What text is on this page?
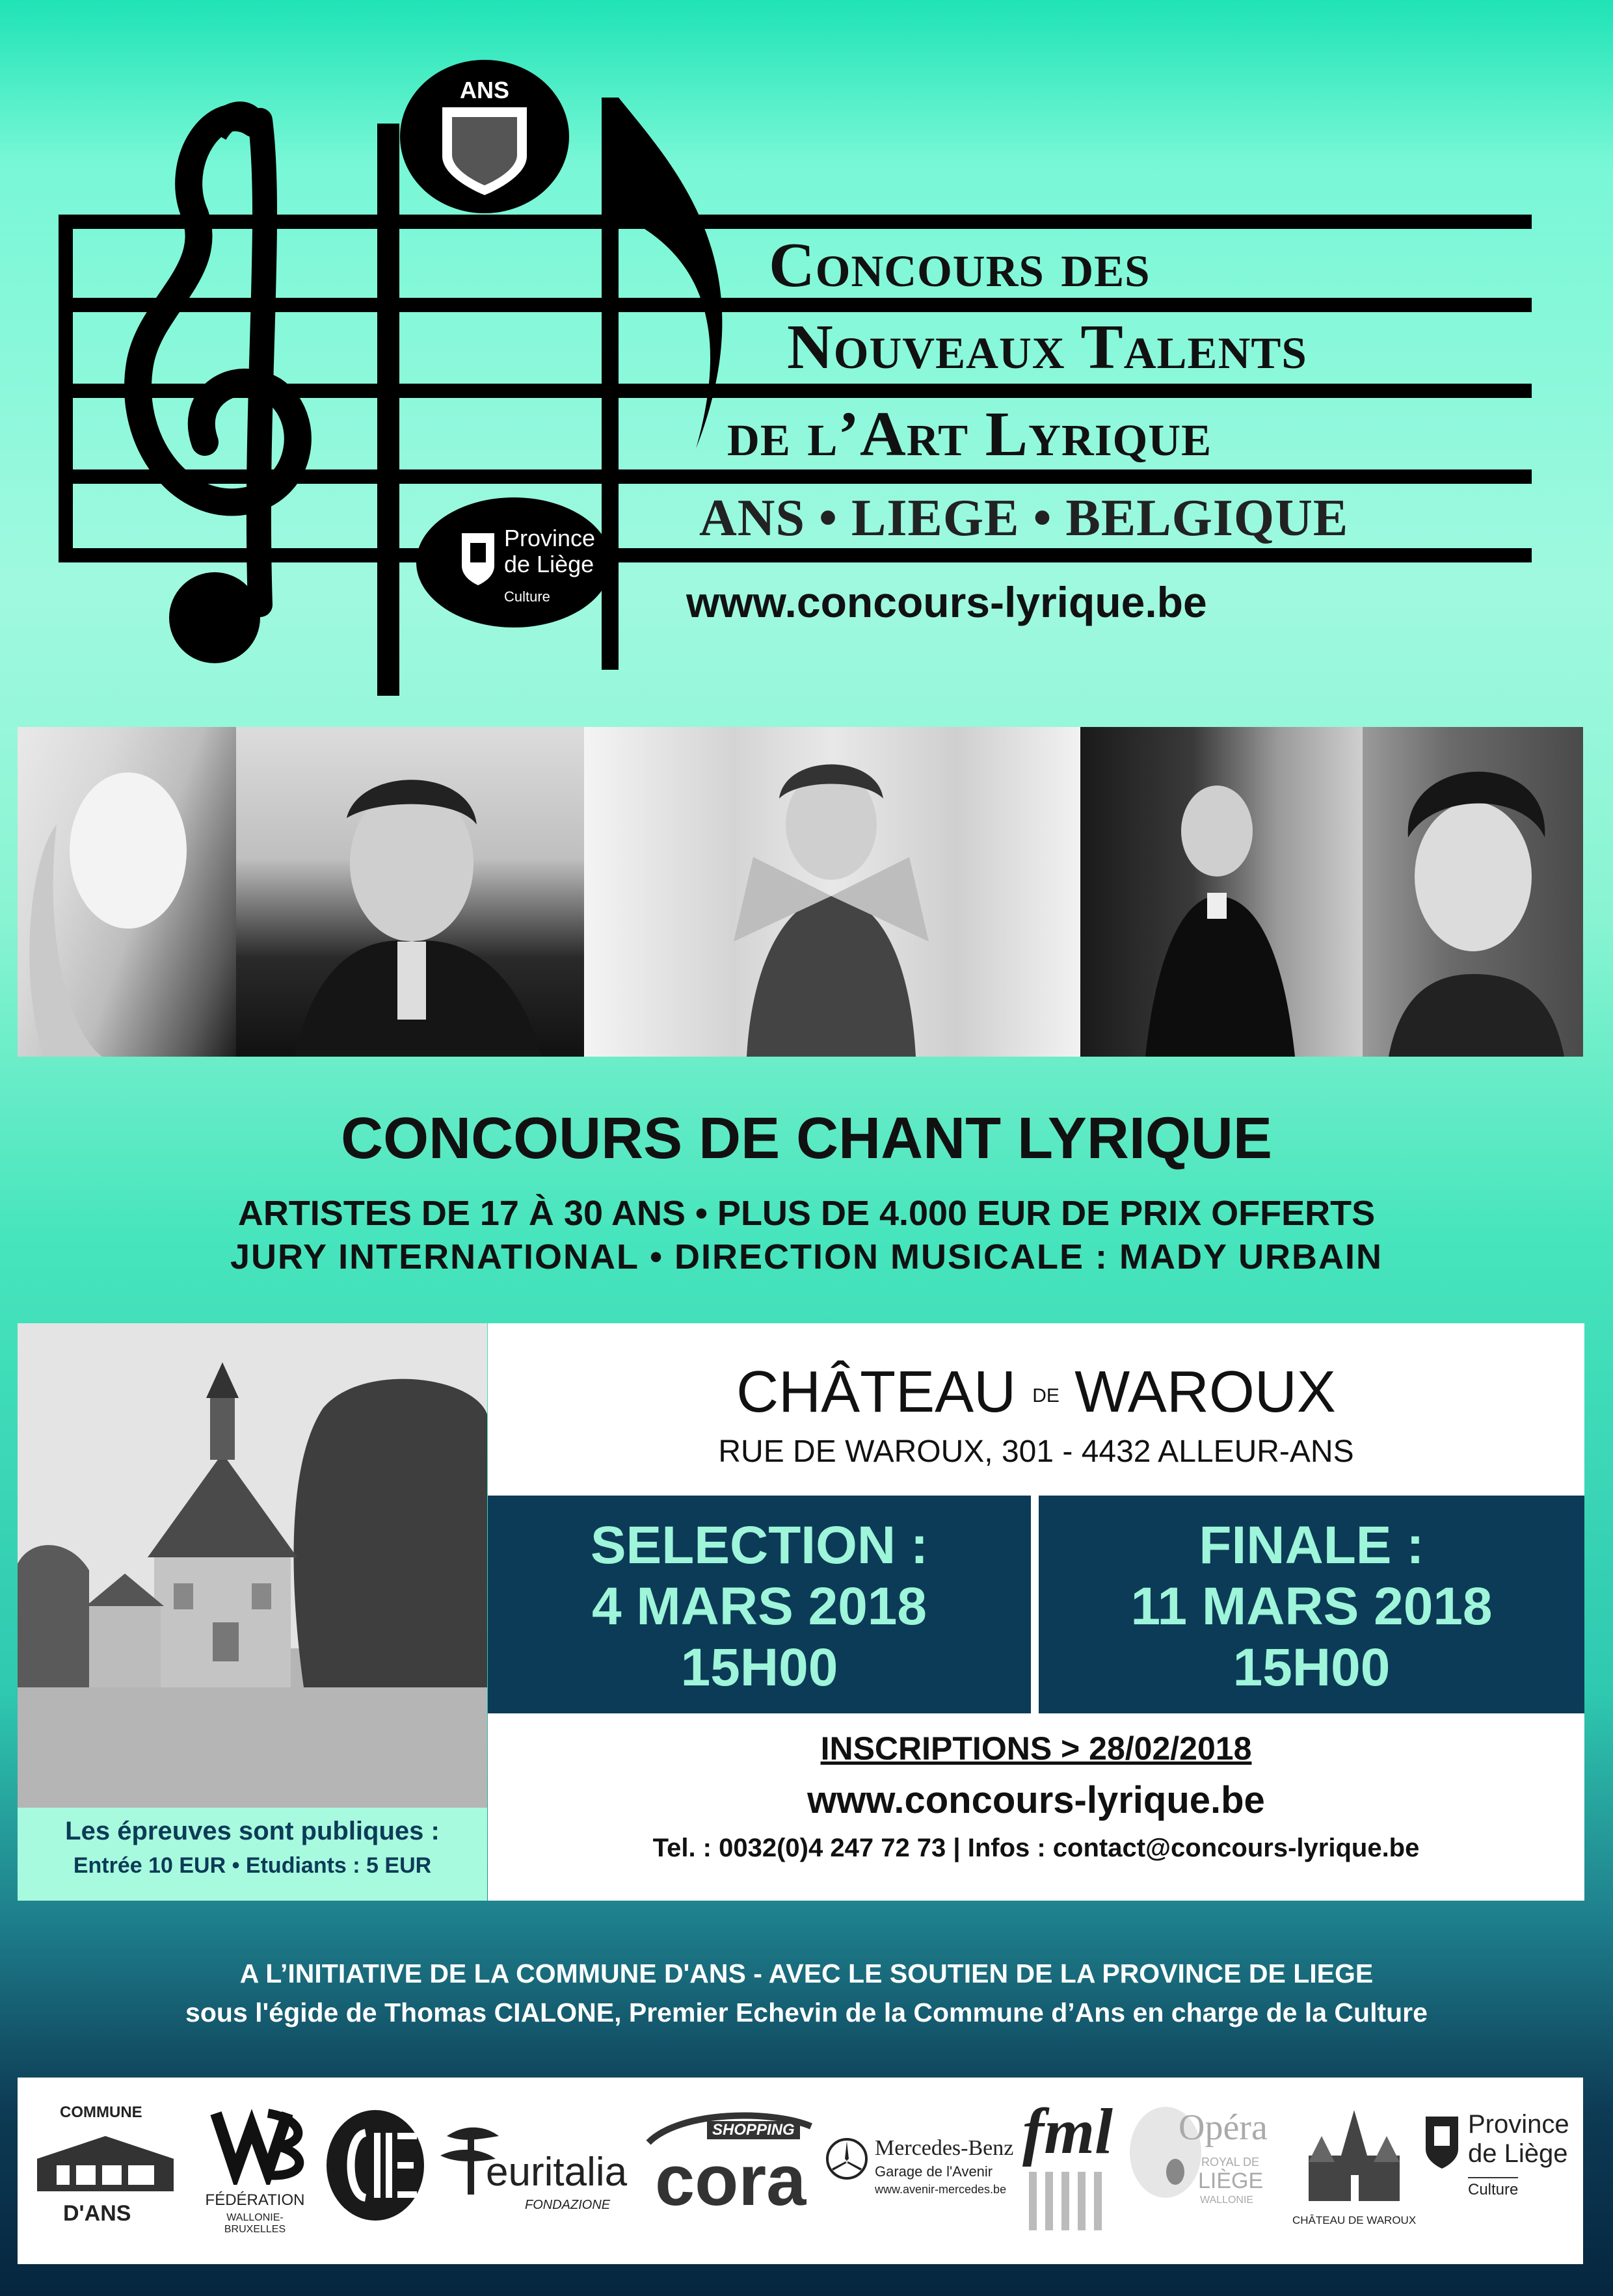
ANS
Concours des
Nouveaux Talents
de l’Art Lyrique
ANS • LIEGE • BELGIQUE
Province
de Liège
Culture	www.concours-lyrique.be
CONCOURS DE CHANT LYRIQUE
ARTISTES DE 17 À 30 ANS • PLUS DE 4.000 EUR DE PRIX OFFERTS
JURY INTERNATIONAL • DIRECTION MUSICALE : MADY URBAIN
Les épreuves sont publiques :
Entrée 10 EUR • Etudiants : 5 EUR
CHÂTEAU DE WAROUX
RUE DE WAROUX, 301 - 4432 ALLEUR-ANS
SELECTION :
4 MARS 2018
15H00
FINALE :
11 MARS 2018
15H00
INSCRIPTIONS > 28/02/2018
www.concours-lyrique.be
Tel. : 0032(0)4 247 72 73 | Infos : contact@concours-lyrique.be
A L’INITIATIVE DE LA COMMUNE D'ANS - AVEC LE SOUTIEN DE LA PROVINCE DE LIEGE
sous l'égide de Thomas CIALONE, Premier Echevin de la Commune d’Ans en charge de la Culture
COMMUNE
D'ANS
FÉDÉRATION
WALLONIE-BRUXELLES
euritalia
FONDAZIONE
SHOPPING
cora	Mercedes-Benz
Garage de l'Avenir
www.avenir-mercedes.be
fml Opéra
ROYAL DE
LIÈGE
WALLONIE
CHÂTEAU DE WAROUX
Province
de Liège
Culture
